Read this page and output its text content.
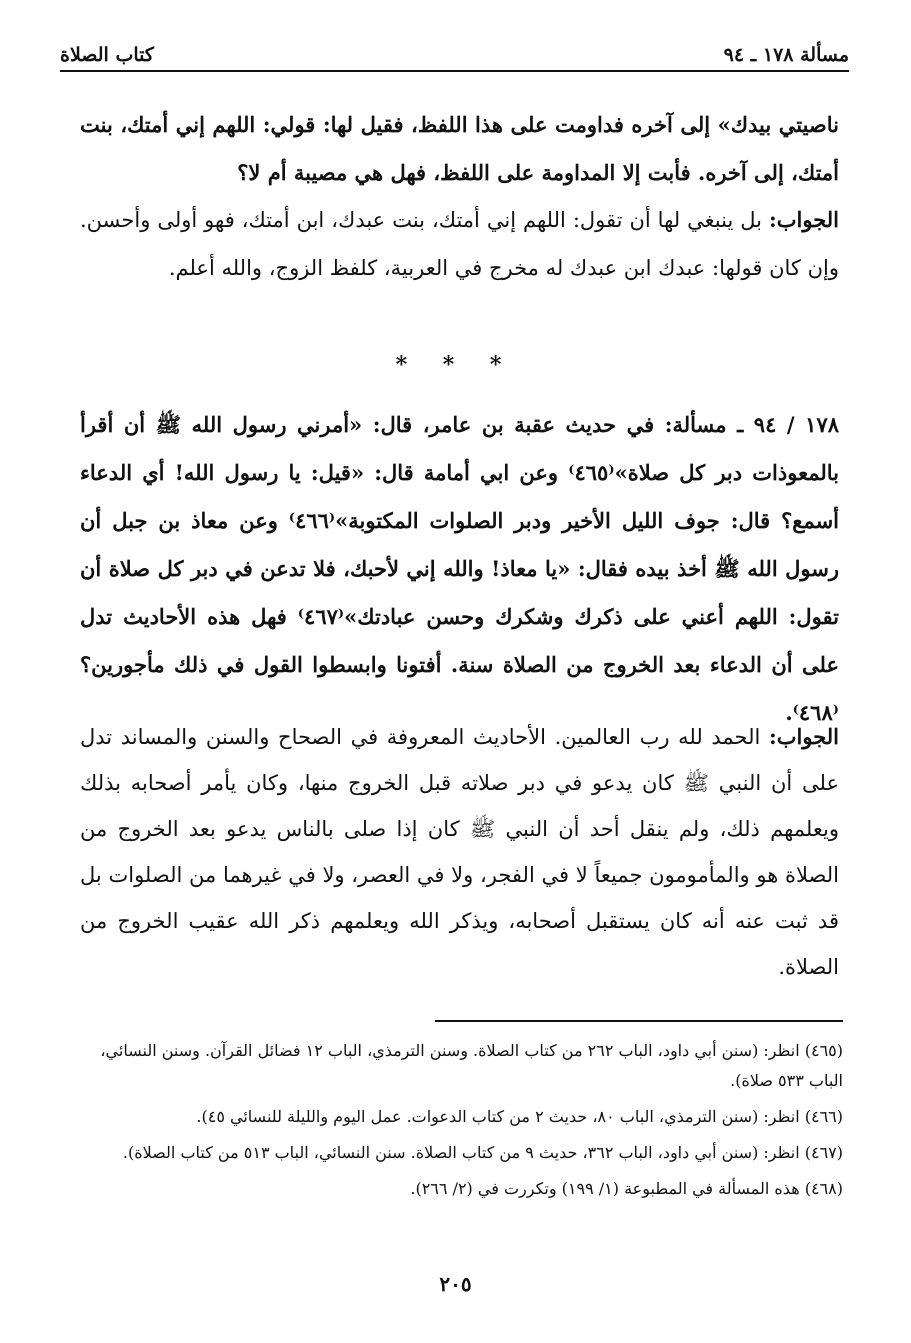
كتاب الصلاة	مسألة ١٧٨ ـ ٩٤
ناصيتي بيدك» إلى آخره فداومت على هذا اللفظ، فقيل لها: قولي: اللهم إني أمتك، بنت أمتك، إلى آخره. فأبت إلا المداومة على اللفظ، فهل هي مصيبة أم لا؟
الجواب: بل ينبغي لها أن تقول: اللهم إني أمتك، بنت عبدك، ابن أمتك، فهو أولى وأحسن. وإن كان قولها: عبدك ابن عبدك له مخرج في العربية، كلفظ الزوج، والله أعلم.
* * *
١٧٨ / ٩٤ ـ مسألة: في حديث عقبة بن عامر، قال: «أمرني رسول الله ﷺ أن أقرأ بالمعوذات دبر كل صلاة»⁽٤٦٥⁾ وعن ابي أمامة قال: «قيل: يا رسول الله! أي الدعاء أسمع؟ قال: جوف الليل الأخير ودبر الصلوات المكتوبة»⁽٤٦٦⁾ وعن معاذ بن جبل أن رسول الله ﷺ أخذ بيده فقال: «يا معاذ! والله إني لأحبك، فلا تدعن في دبر كل صلاة أن تقول: اللهم أعني على ذكرك وشكرك وحسن عبادتك»⁽٤٦٧⁾ فهل هذه الأحاديث تدل على أن الدعاء بعد الخروج من الصلاة سنة. أفتونا وابسطوا القول في ذلك مأجورين؟⁽٤٦٨⁾.
الجواب: الحمد لله رب العالمين. الأحاديث المعروفة في الصحاح والسنن والمساند تدل على أن النبي ﷺ كان يدعو في دبر صلاته قبل الخروج منها، وكان يأمر أصحابه بذلك ويعلمهم ذلك، ولم ينقل أحد أن النبي ﷺ كان إذا صلى بالناس يدعو بعد الخروج من الصلاة هو والمأمومون جميعاً لا في الفجر، ولا في العصر، ولا في غيرهما من الصلوات بل قد ثبت عنه أنه كان يستقبل أصحابه، ويذكر الله ويعلمهم ذكر الله عقيب الخروج من الصلاة.
(٤٦٥) انظر: (سنن أبي داود، الباب ٢٦٢ من كتاب الصلاة. وسنن الترمذي، الباب ١٢ فضائل القرآن. وسنن النسائي، الباب ٥٣٣ صلاة).
(٤٦٦) انظر: (سنن الترمذي، الباب ٨٠، حديث ٢ من كتاب الدعوات. عمل اليوم والليلة للنسائي ٤٥).
(٤٦٧) انظر: (سنن أبي داود، الباب ٣٦٢، حديث ٩ من كتاب الصلاة. سنن النسائي، الباب ٥١٣ من كتاب الصلاة).
(٤٦٨) هذه المسألة في المطبوعة (١/ ١٩٩) وتكررت في (٢/ ٢٦٦).
٢٠٥
